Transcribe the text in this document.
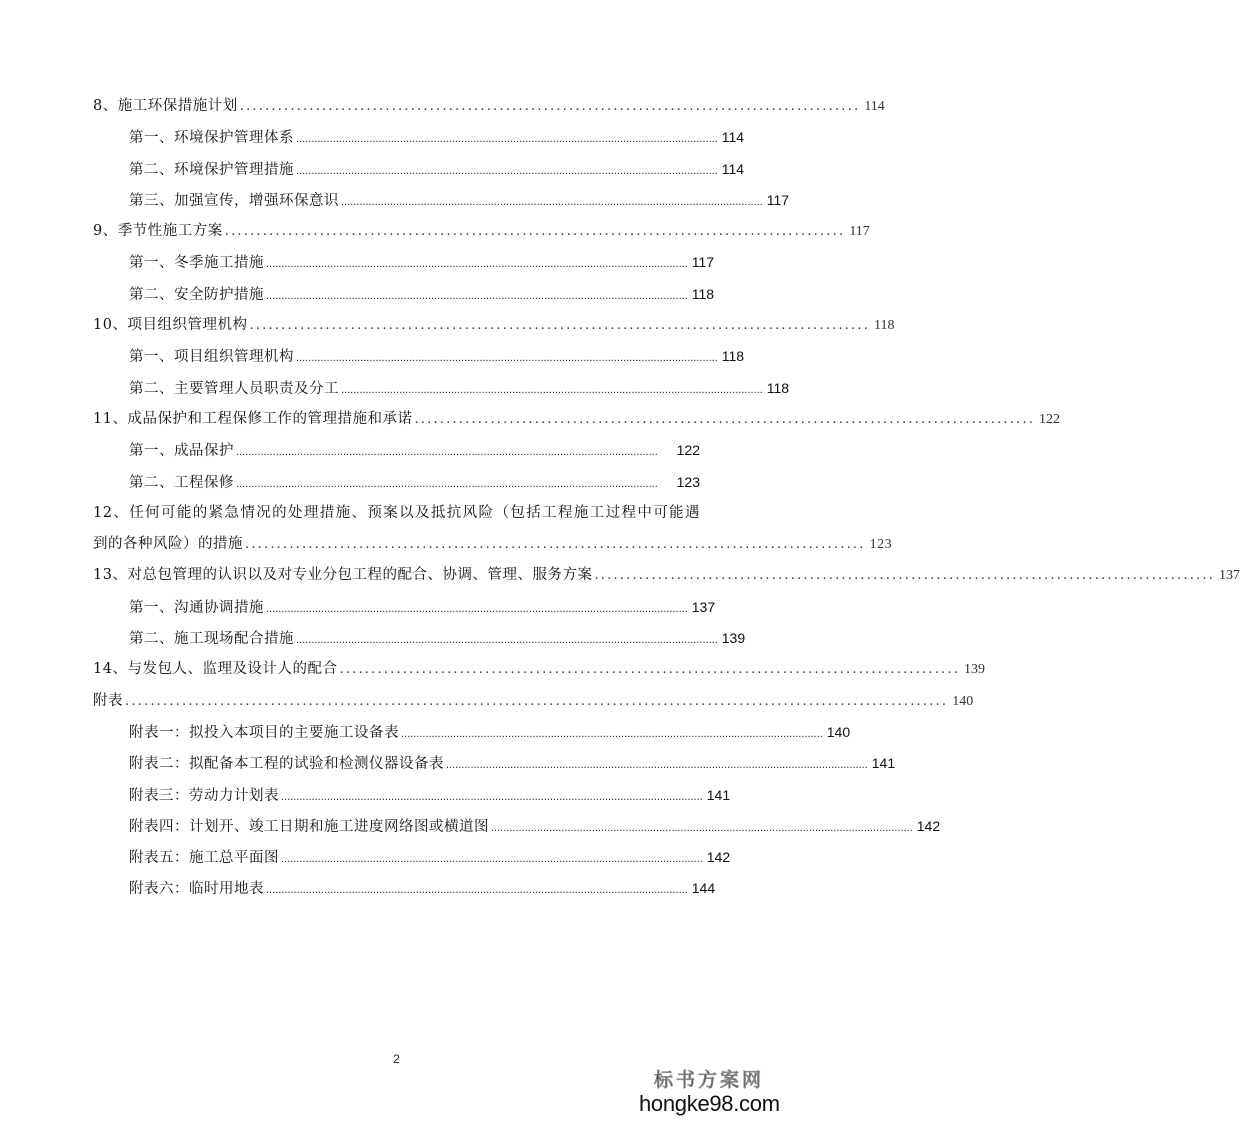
8、施工环保措施计划 .................................................................................................. 114
第一、环境保护管理体系 .......................................................................................................................................... 114
第二、环境保护管理措施 .......................................................................................................................................... 114
第三、加强宣传，增强环保意识 .......................................................................................................................................... 117
9、季节性施工方案 .................................................................................................. 117
第一、冬季施工措施 .......................................................................................................................................... 117
第二、安全防护措施 .......................................................................................................................................... 118
10、项目组织管理机构 .................................................................................................. 118
第一、项目组织管理机构 .......................................................................................................................................... 118
第二、主要管理人员职责及分工 .......................................................................................................................................... 118
11、成品保护和工程保修工作的管理措施和承诺 .................................................................................................. 122
第一、成品保护 ..........................................................................................................................................	122
第二、工程保修 ..........................................................................................................................................	123
12、任何可能的紧急情况的处理措施、预案以及抵抗风险（包括工程施工过程中可能遇
到的各种风险）的措施 .................................................................................................. 123
13、对总包管理的认识以及对专业分包工程的配合、协调、管理、服务方案 .................................................................................................. 137
第一、沟通协调措施 .......................................................................................................................................... 137
第二、施工现场配合措施 .......................................................................................................................................... 139
14、与发包人、监理及设计人的配合 .................................................................................................. 139
附表 .................................................................................................................................. 140
附表一：拟投入本项目的主要施工设备表 .......................................................................................................................................... 140
附表二：拟配备本工程的试验和检测仪器设备表 .......................................................................................................................................... 141
附表三：劳动力计划表 .......................................................................................................................................... 141
附表四：计划开、竣工日期和施工进度网络图或横道图 .......................................................................................................................................... 142
附表五：施工总平面图 .......................................................................................................................................... 142
附表六：临时用地表 .......................................................................................................................................... 144
2
标书方案网
hongke98.com
